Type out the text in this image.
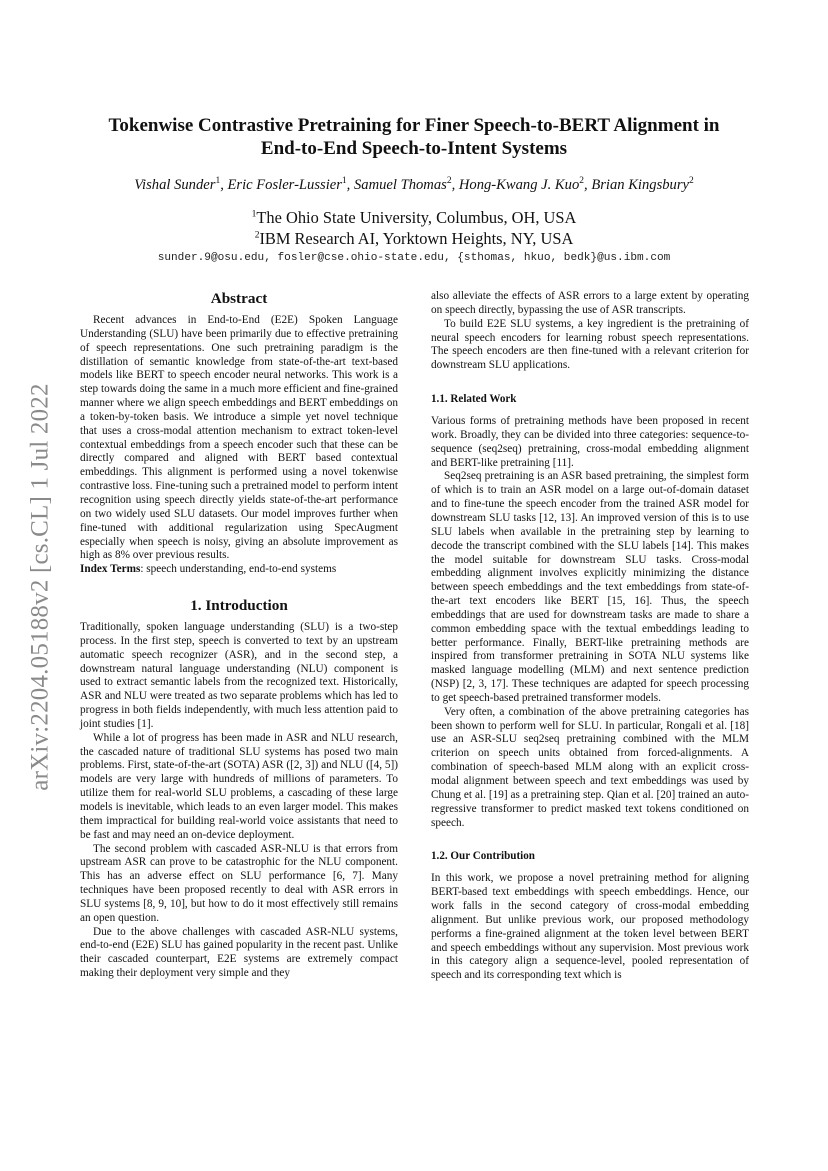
arXiv:2204.05188v2 [cs.CL] 1 Jul 2022
Tokenwise Contrastive Pretraining for Finer Speech-to-BERT Alignment in
End-to-End Speech-to-Intent Systems
Vishal Sunder$^1$, Eric Fosler-Lussier$^1$, Samuel Thomas$^2$, Hong-Kwang J. Kuo$^2$, Brian Kingsbury$^2$
$^1$The Ohio State University, Columbus, OH, USA
$^2$IBM Research AI, Yorktown Heights, NY, USA
sunder.9@osu.edu, fosler@cse.ohio-state.edu, {sthomas, hkuo, bedk}@us.ibm.com
Abstract

Recent advances in End-to-End (E2E) Spoken Language Understanding (SLU) have been primarily due to effective pretraining of speech representations. One such pretraining paradigm is the distillation of semantic knowledge from state-of-the-art text-based models like BERT to speech encoder neural networks. This work is a step towards doing the same in a much more efficient and fine-grained manner where we align speech embeddings and BERT embeddings on a token-by-token basis. We introduce a simple yet novel technique that uses a cross-modal attention mechanism to extract token-level contextual embeddings from a speech encoder such that these can be directly compared and aligned with BERT based contextual embeddings. This alignment is performed using a novel tokenwise contrastive loss. Fine-tuning such a pretrained model to perform intent recognition using speech directly yields state-of-the-art performance on two widely used SLU datasets. Our model improves further when fine-tuned with additional regularization using SpecAugment especially when speech is noisy, giving an absolute improvement as high as 8% over previous results.

Index Terms: speech understanding, end-to-end systems
1. Introduction

Traditionally, spoken language understanding (SLU) is a two-step process. In the first step, speech is converted to text by an upstream automatic speech recognizer (ASR), and in the second step, a downstream natural language understanding (NLU) component is used to extract semantic labels from the recognized text. Historically, ASR and NLU were treated as two separate problems which has led to progress in both fields independently, with much less attention paid to joint studies [1].

While a lot of progress has been made in ASR and NLU research, the cascaded nature of traditional SLU systems has posed two main problems. First, state-of-the-art (SOTA) ASR ([2, 3]) and NLU ([4, 5]) models are very large with hundreds of millions of parameters. To utilize them for real-world SLU problems, a cascading of these large models is inevitable, which leads to an even larger model. This makes them impractical for building real-world voice assistants that need to be fast and may need an on-device deployment.

The second problem with cascaded ASR-NLU is that errors from upstream ASR can prove to be catastrophic for the NLU component. This has an adverse effect on SLU performance [6, 7]. Many techniques have been proposed recently to deal with ASR errors in SLU systems [8, 9, 10], but how to do it most effectively still remains an open question.

Due to the above challenges with cascaded ASR-NLU systems, end-to-end (E2E) SLU has gained popularity in the recent past. Unlike their cascaded counterpart, E2E systems are extremely compact making their deployment very simple and they

also alleviate the effects of ASR errors to a large extent by operating on speech directly, bypassing the use of ASR transcripts.

To build E2E SLU systems, a key ingredient is the pretraining of neural speech encoders for learning robust speech representations. The speech encoders are then fine-tuned with a relevant criterion for downstream SLU applications.

1.1. Related Work

Various forms of pretraining methods have been proposed in recent work. Broadly, they can be divided into three categories: sequence-to-sequence (seq2seq) pretraining, cross-modal embedding alignment and BERT-like pretraining [11].

Seq2seq pretraining is an ASR based pretraining, the simplest form of which is to train an ASR model on a large out-of-domain dataset and to fine-tune the speech encoder from the trained ASR model for downstream SLU tasks [12, 13]. An improved version of this is to use SLU labels when available in the pretraining step by learning to decode the transcript combined with the SLU labels [14]. This makes the model suitable for downstream SLU tasks. Cross-modal embedding alignment involves explicitly minimizing the distance between speech embeddings and the text embeddings from state-of-the-art text encoders like BERT [15, 16]. Thus, the speech embeddings that are used for downstream tasks are made to share a common embedding space with the textual embeddings leading to better performance. Finally, BERT-like pretraining methods are inspired from transformer pretraining in SOTA NLU systems like masked language modelling (MLM) and next sentence prediction (NSP) [2, 3, 17]. These techniques are adapted for speech processing to get speech-based pretrained transformer models.

Very often, a combination of the above pretraining categories has been shown to perform well for SLU. In particular, Rongali et al. [18] use an ASR-SLU seq2seq pretraining combined with the MLM criterion on speech units obtained from forced-alignments. A combination of speech-based MLM along with an explicit cross-modal alignment between speech and text embeddings was used by Chung et al. [19] as a pretraining step. Qian et al. [20] trained an auto-regressive transformer to predict masked text tokens conditioned on speech.

1.2. Our Contribution

In this work, we propose a novel pretraining method for aligning BERT-based text embeddings with speech embeddings. Hence, our work falls in the second category of cross-modal embedding alignment. But unlike previous work, our proposed methodology performs a fine-grained alignment at the token level between BERT and speech embeddings without any supervision. Most previous work in this category align a sequence-level, pooled representation of speech and its corresponding text which is
